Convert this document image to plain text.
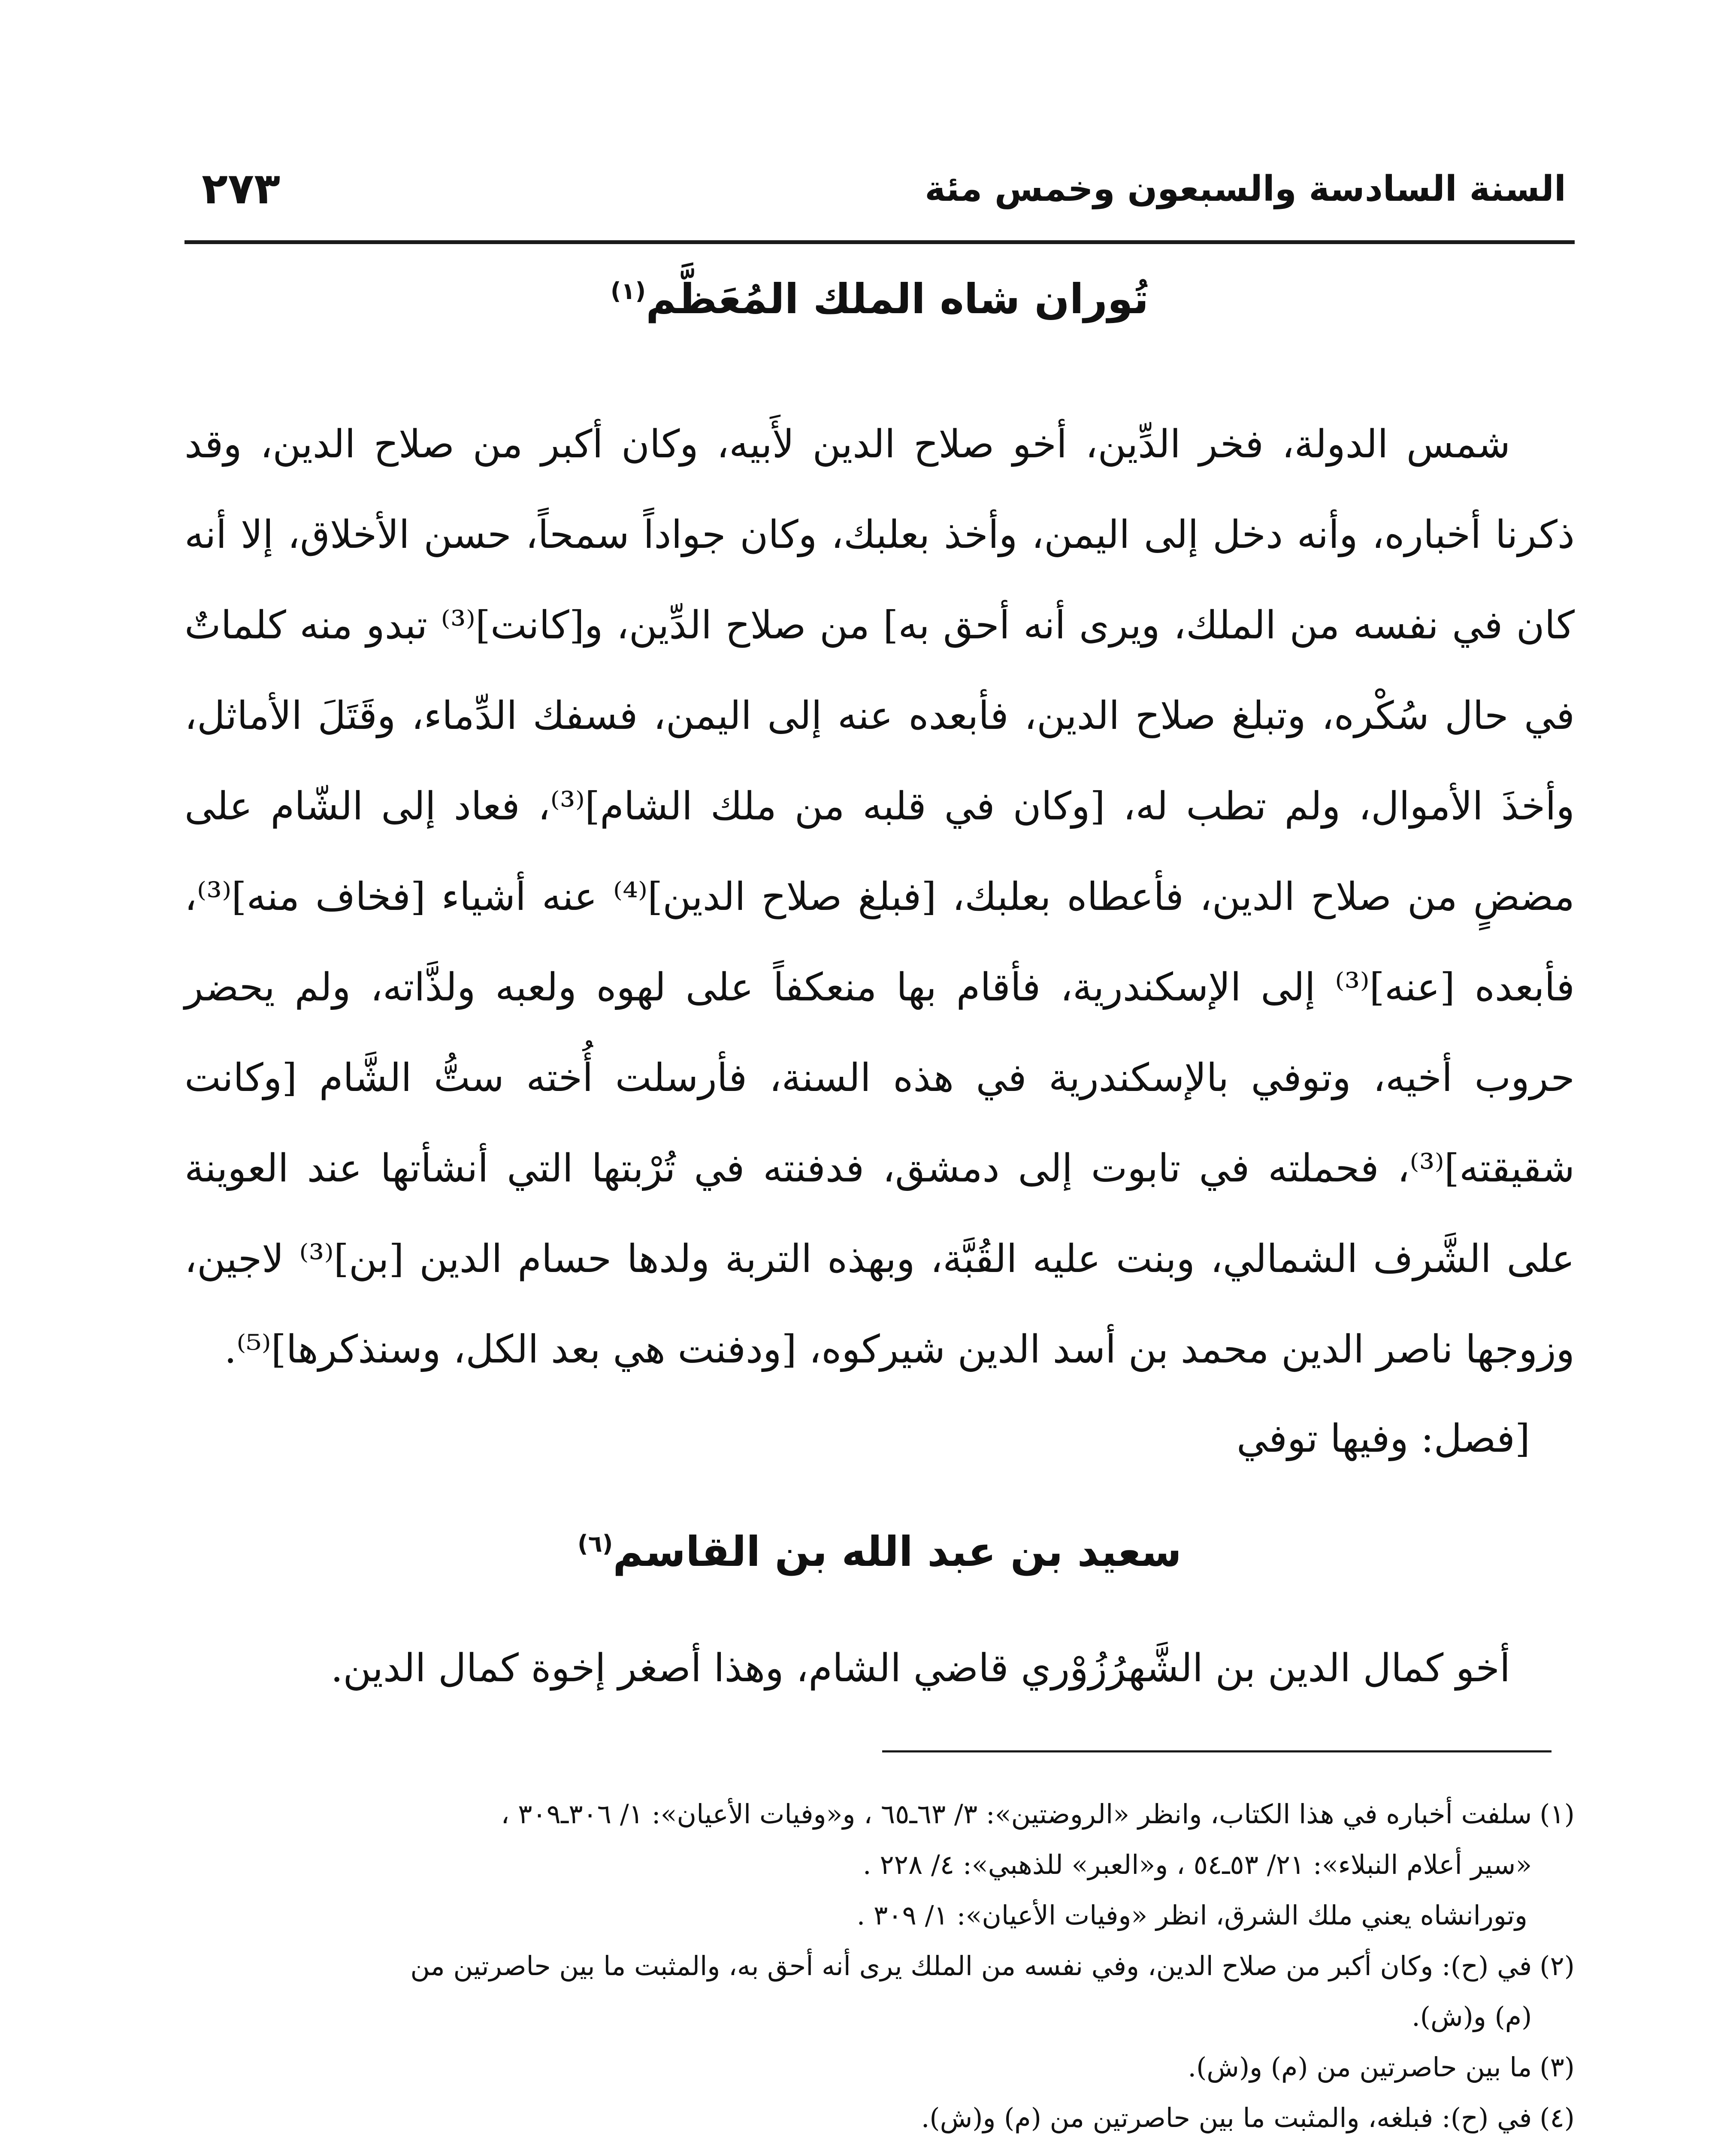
السنة السادسة والسبعون وخمس مئة
٢٧٣
تُوران شاه الملك المُعَظَّم$^{(١)}$

شمس الدولة، فخر الدِّين، أخو صلاح الدين لأَبيه، وكان أكبر من صلاح الدين، وقد ذكرنا أخباره، وأنه دخل إلى اليمن، وأخذ بعلبك، وكان جواداً سمحاً، حسن الأخلاق، إلا أنه كان في نفسه من الملك، ويرى أنه أحق به] من صلاح الدِّين، و[كانت]⁽³⁾ تبدو منه كلماتٌ في حال سُكْره، وتبلغ صلاح الدين، فأبعده عنه إلى اليمن، فسفك الدِّماء، وقَتَلَ الأماثل، وأخذَ الأموال، ولم تطب له، [وكان في قلبه من ملك الشام]⁽³⁾، فعاد إلى الشّام على مضضٍ من صلاح الدين، فأعطاه بعلبك، [فبلغ صلاح الدين]⁽⁴⁾ عنه أشياء [فخاف منه]⁽³⁾، فأبعده [عنه]⁽³⁾ إلى الإسكندرية، فأقام بها منعكفاً على لهوه ولعبه ولذَّاته، ولم يحضر حروب أخيه، وتوفي بالإسكندرية في هذه السنة، فأرسلت أُخته ستُّ الشَّام [وكانت شقيقته]⁽³⁾، فحملته في تابوت إلى دمشق، فدفنته في تُرْبتها التي أنشأتها عند العوينة على الشَّرف الشمالي، وبنت عليه القُبَّة، وبهذه التربة ولدها حسام الدين [بن]⁽³⁾ لاجين، وزوجها ناصر الدين محمد بن أسد الدين شيركوه، [ودفنت هي بعد الكل، وسنذكرها]⁽⁵⁾.

[فصل: وفيها توفي
سعيد بن عبد الله بن القاسم$^{(٦)}$

أخو كمال الدين بن الشَّهرُزُوْري قاضي الشام، وهذا أصغر إخوة كمال الدين.

(١)
سلفت أخباره في هذا الكتاب، وانظر «الروضتين»: ٣/ ٦٣ـ٦٥ ، و«وفيات الأعيان»: ١/ ٣٠٦ـ٣٠٩ ،
«سير أعلام النبلاء»: ٢١/ ٥٣ـ٥٤ ، و«العبر» للذهبي»: ٤/ ٢٢٨ .
وتورانشاه يعني ملك الشرق، انظر «وفيات الأعيان»: ١/ ٣٠٩ .
(٢)
في (ح): وكان أكبر من صلاح الدين، وفي نفسه من الملك يرى أنه أحق به، والمثبت ما بين حاصرتين من
(م) و(ش).
(٣)
ما بين حاصرتين من (م) و(ش).
(٤)
في (ح): فبلغه، والمثبت ما بين حاصرتين من (م) و(ش).
